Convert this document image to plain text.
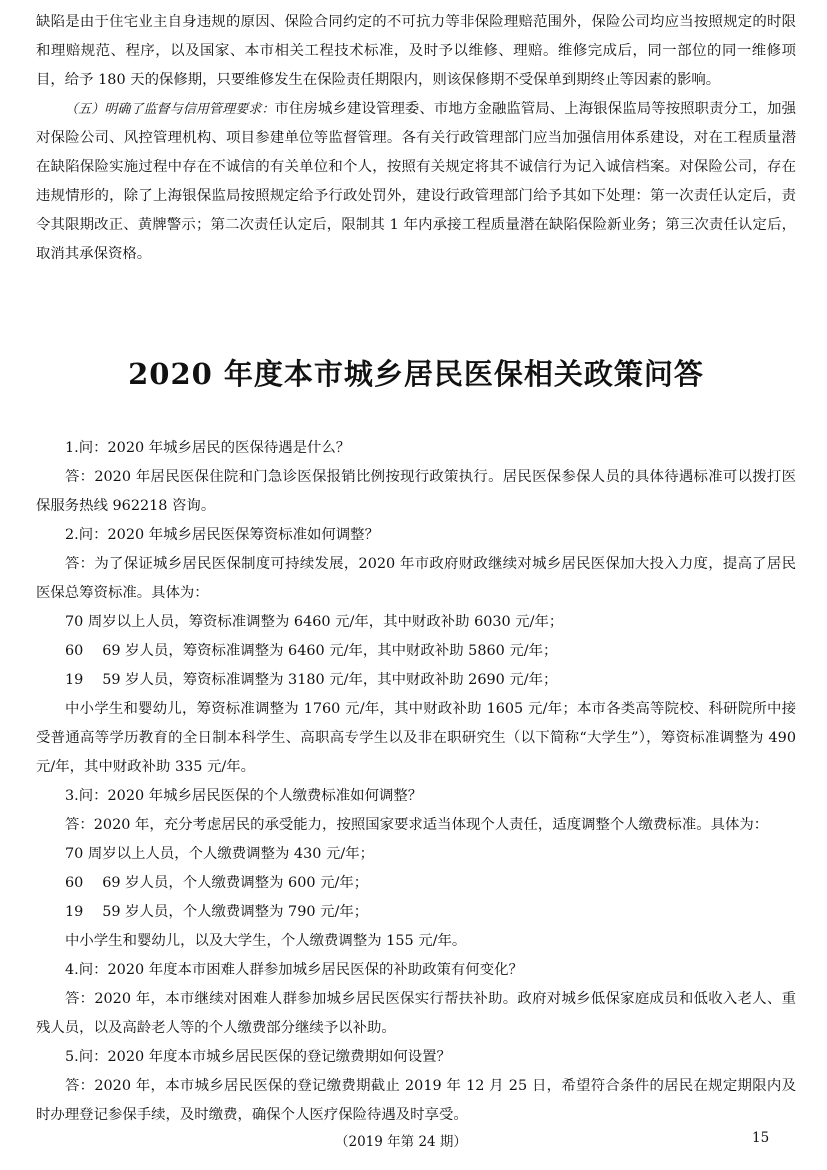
缺陷是由于住宅业主自身违规的原因、保险合同约定的不可抗力等非保险理赔范围外，保险公司均应当按照规定的时限和理赔规范、程序，以及国家、本市相关工程技术标准，及时予以维修、理赔。维修完成后，同一部位的同一维修项目，给予 180 天的保修期，只要维修发生在保险责任期限内，则该保修期不受保单到期终止等因素的影响。

（五）明确了监督与信用管理要求：市住房城乡建设管理委、市地方金融监管局、上海银保监局等按照职责分工，加强对保险公司、风控管理机构、项目参建单位等监督管理。各有关行政管理部门应当加强信用体系建设，对在工程质量潜在缺陷保险实施过程中存在不诚信的有关单位和个人，按照有关规定将其不诚信行为记入诚信档案。对保险公司，存在违规情形的，除了上海银保监局按照规定给予行政处罚外，建设行政管理部门给予其如下处理：第一次责任认定后，责令其限期改正、黄牌警示；第二次责任认定后，限制其 1 年内承接工程质量潜在缺陷保险新业务；第三次责任认定后，取消其承保资格。

2020 年度本市城乡居民医保相关政策问答

1.问：2020 年城乡居民的医保待遇是什么？

答：2020 年居民医保住院和门急诊医保报销比例按现行政策执行。居民医保参保人员的具体待遇标准可以拨打医保服务热线 962218 咨询。

2.问：2020 年城乡居民医保筹资标准如何调整？

答：为了保证城乡居民医保制度可持续发展，2020 年市政府财政继续对城乡居民医保加大投入力度，提高了居民医保总筹资标准。具体为：

70 周岁以上人员，筹资标准调整为 6460 元/年，其中财政补助 6030 元/年；

60 　69 岁人员，筹资标准调整为 6460 元/年，其中财政补助 5860 元/年；

19 　59 岁人员，筹资标准调整为 3180 元/年，其中财政补助 2690 元/年；

中小学生和婴幼儿，筹资标准调整为 1760 元/年，其中财政补助 1605 元/年；本市各类高等院校、科研院所中接受普通高等学历教育的全日制本科学生、高职高专学生以及非在职研究生（以下简称“大学生”），筹资标准调整为 490 元/年，其中财政补助 335 元/年。

3.问：2020 年城乡居民医保的个人缴费标准如何调整？

答：2020 年，充分考虑居民的承受能力，按照国家要求适当体现个人责任，适度调整个人缴费标准。具体为：

70 周岁以上人员，个人缴费调整为 430 元/年；

60 　69 岁人员，个人缴费调整为 600 元/年；

19 　59 岁人员，个人缴费调整为 790 元/年；

中小学生和婴幼儿，以及大学生，个人缴费调整为 155 元/年。

4.问：2020 年度本市困难人群参加城乡居民医保的补助政策有何变化？

答：2020 年，本市继续对困难人群参加城乡居民医保实行帮扶补助。政府对城乡低保家庭成员和低收入老人、重残人员，以及高龄老人等的个人缴费部分继续予以补助。

5.问：2020 年度本市城乡居民医保的登记缴费期如何设置？

答：2020 年，本市城乡居民医保的登记缴费期截止 2019 年 12 月 25 日，希望符合条件的居民在规定期限内及时办理登记参保手续，及时缴费，确保个人医疗保险待遇及时享受。

（2019 年第 24 期）	15
